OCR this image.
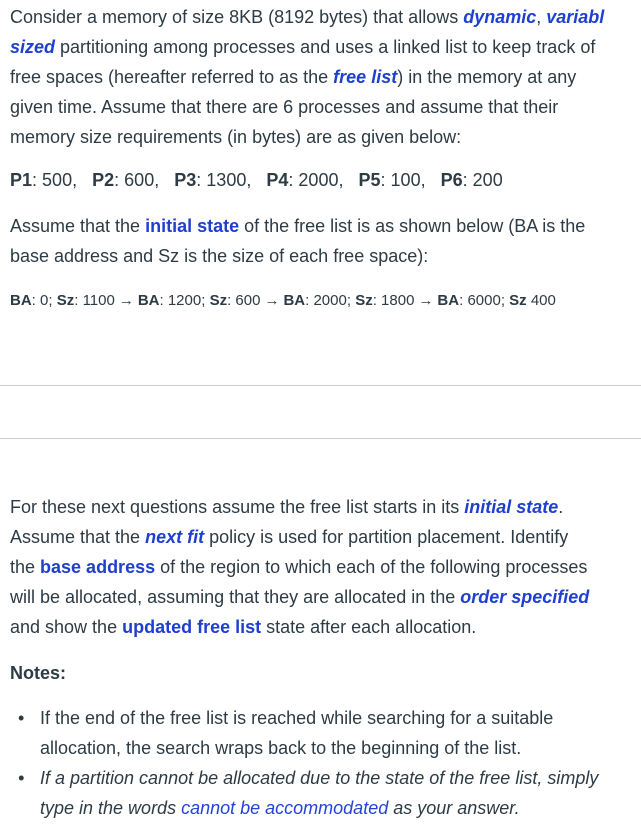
Consider a memory of size 8KB (8192 bytes) that allows dynamic, variabl
sized partitioning among processes and uses a linked list to keep track of
free spaces (hereafter referred to as the free list) in the memory at any
given time. Assume that there are 6 processes and assume that their
memory size requirements (in bytes) are as given below:
P1: 500, P2: 600, P3: 1300, P4: 2000, P5: 100, P6: 200
Assume that the initial state of the free list is as shown below (BA is the
base address and Sz is the size of each free space):
BA: 0; Sz: 1100 → BA: 1200; Sz: 600 → BA: 2000; Sz: 1800 → BA: 6000; Sz 400
For these next questions assume the free list starts in its initial state.
Assume that the next fit policy is used for partition placement. Identify
the base address of the region to which each of the following processes
will be allocated, assuming that they are allocated in the order specified
and show the updated free list state after each allocation.
Notes:
• If the end of the free list is reached while searching for a suitable
allocation, the search wraps back to the beginning of the list.
• If a partition cannot be allocated due to the state of the free list, simply
type in the words cannot be accommodated as your answer.
